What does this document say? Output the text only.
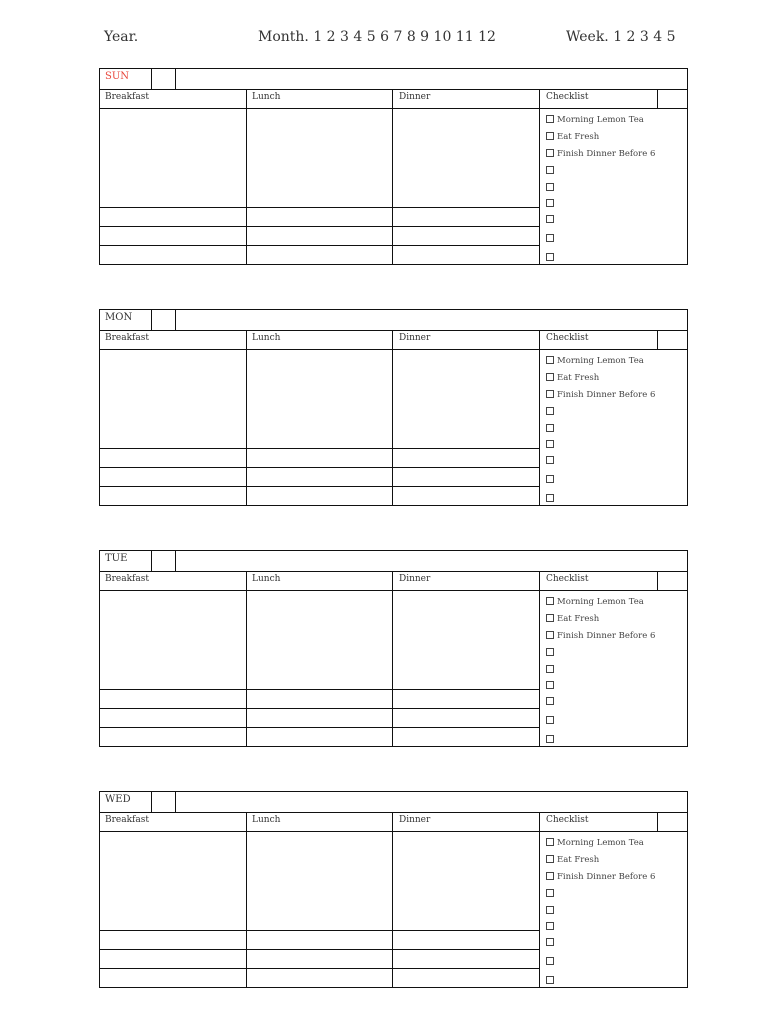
Year.	Month. 1 2 3 4 5 6 7 8 9 10 11 12	Week. 1 2 3 4 5
SUN
Breakfast	Lunch	Dinner	Checklist
Morning Lemon Tea
Eat Fresh
Finish Dinner Before 6
MON
Breakfast	Lunch	Dinner	Checklist
Morning Lemon Tea
Eat Fresh
Finish Dinner Before 6
TUE
Breakfast	Lunch	Dinner	Checklist
Morning Lemon Tea
Eat Fresh
Finish Dinner Before 6
WED
Breakfast	Lunch	Dinner	Checklist
Morning Lemon Tea
Eat Fresh
Finish Dinner Before 6
